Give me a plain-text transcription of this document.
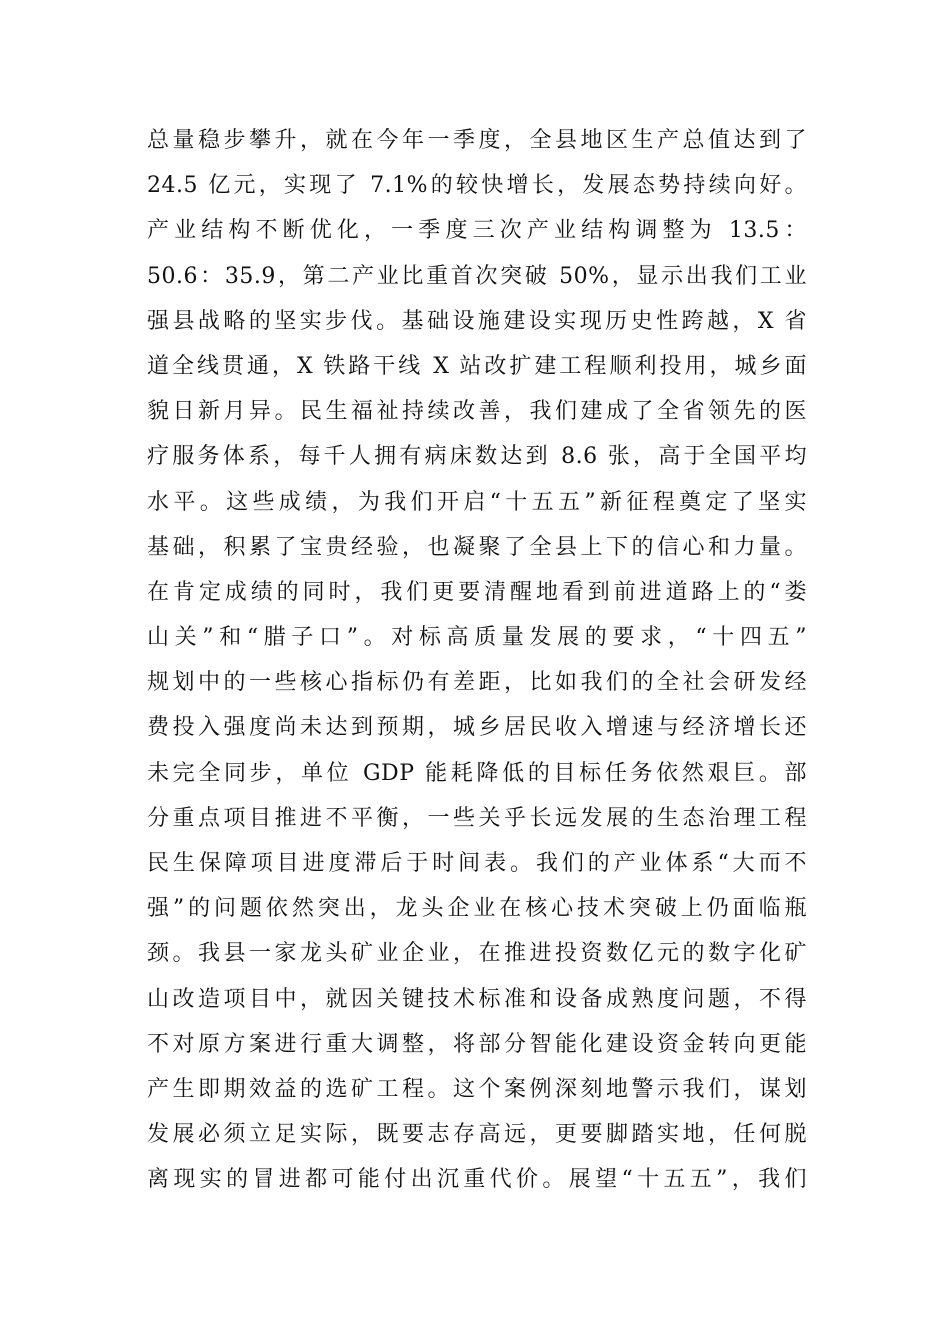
总量稳步攀升，就在今年一季度，全县地区生产总值达到了
24.5 亿元，实现了 7.1%的较快增长，发展态势持续向好。
产业结构不断优化，一季度三次产业结构调整为 13.5：
50.6：35.9，第二产业比重首次突破 50%，显示出我们工业
强县战略的坚实步伐。基础设施建设实现历史性跨越，X 省
道全线贯通，X 铁路干线 X 站改扩建工程顺利投用，城乡面
貌日新月异。民生福祉持续改善，我们建成了全省领先的医
疗服务体系，每千人拥有病床数达到 8.6 张，高于全国平均
水平。这些成绩，为我们开启“十五五”新征程奠定了坚实
基础，积累了宝贵经验，也凝聚了全县上下的信心和力量。
在肯定成绩的同时，我们更要清醒地看到前进道路上的“娄
山关”和“腊子口”。对标高质量发展的要求，“十四五”
规划中的一些核心指标仍有差距，比如我们的全社会研发经
费投入强度尚未达到预期，城乡居民收入增速与经济增长还
未完全同步，单位 GDP 能耗降低的目标任务依然艰巨。部
分重点项目推进不平衡，一些关乎长远发展的生态治理工程
民生保障项目进度滞后于时间表。我们的产业体系“大而不
强”的问题依然突出，龙头企业在核心技术突破上仍面临瓶
颈。我县一家龙头矿业企业，在推进投资数亿元的数字化矿
山改造项目中，就因关键技术标准和设备成熟度问题，不得
不对原方案进行重大调整，将部分智能化建设资金转向更能
产生即期效益的选矿工程。这个案例深刻地警示我们，谋划
发展必须立足实际，既要志存高远，更要脚踏实地，任何脱
离现实的冒进都可能付出沉重代价。展望“十五五”，我们
